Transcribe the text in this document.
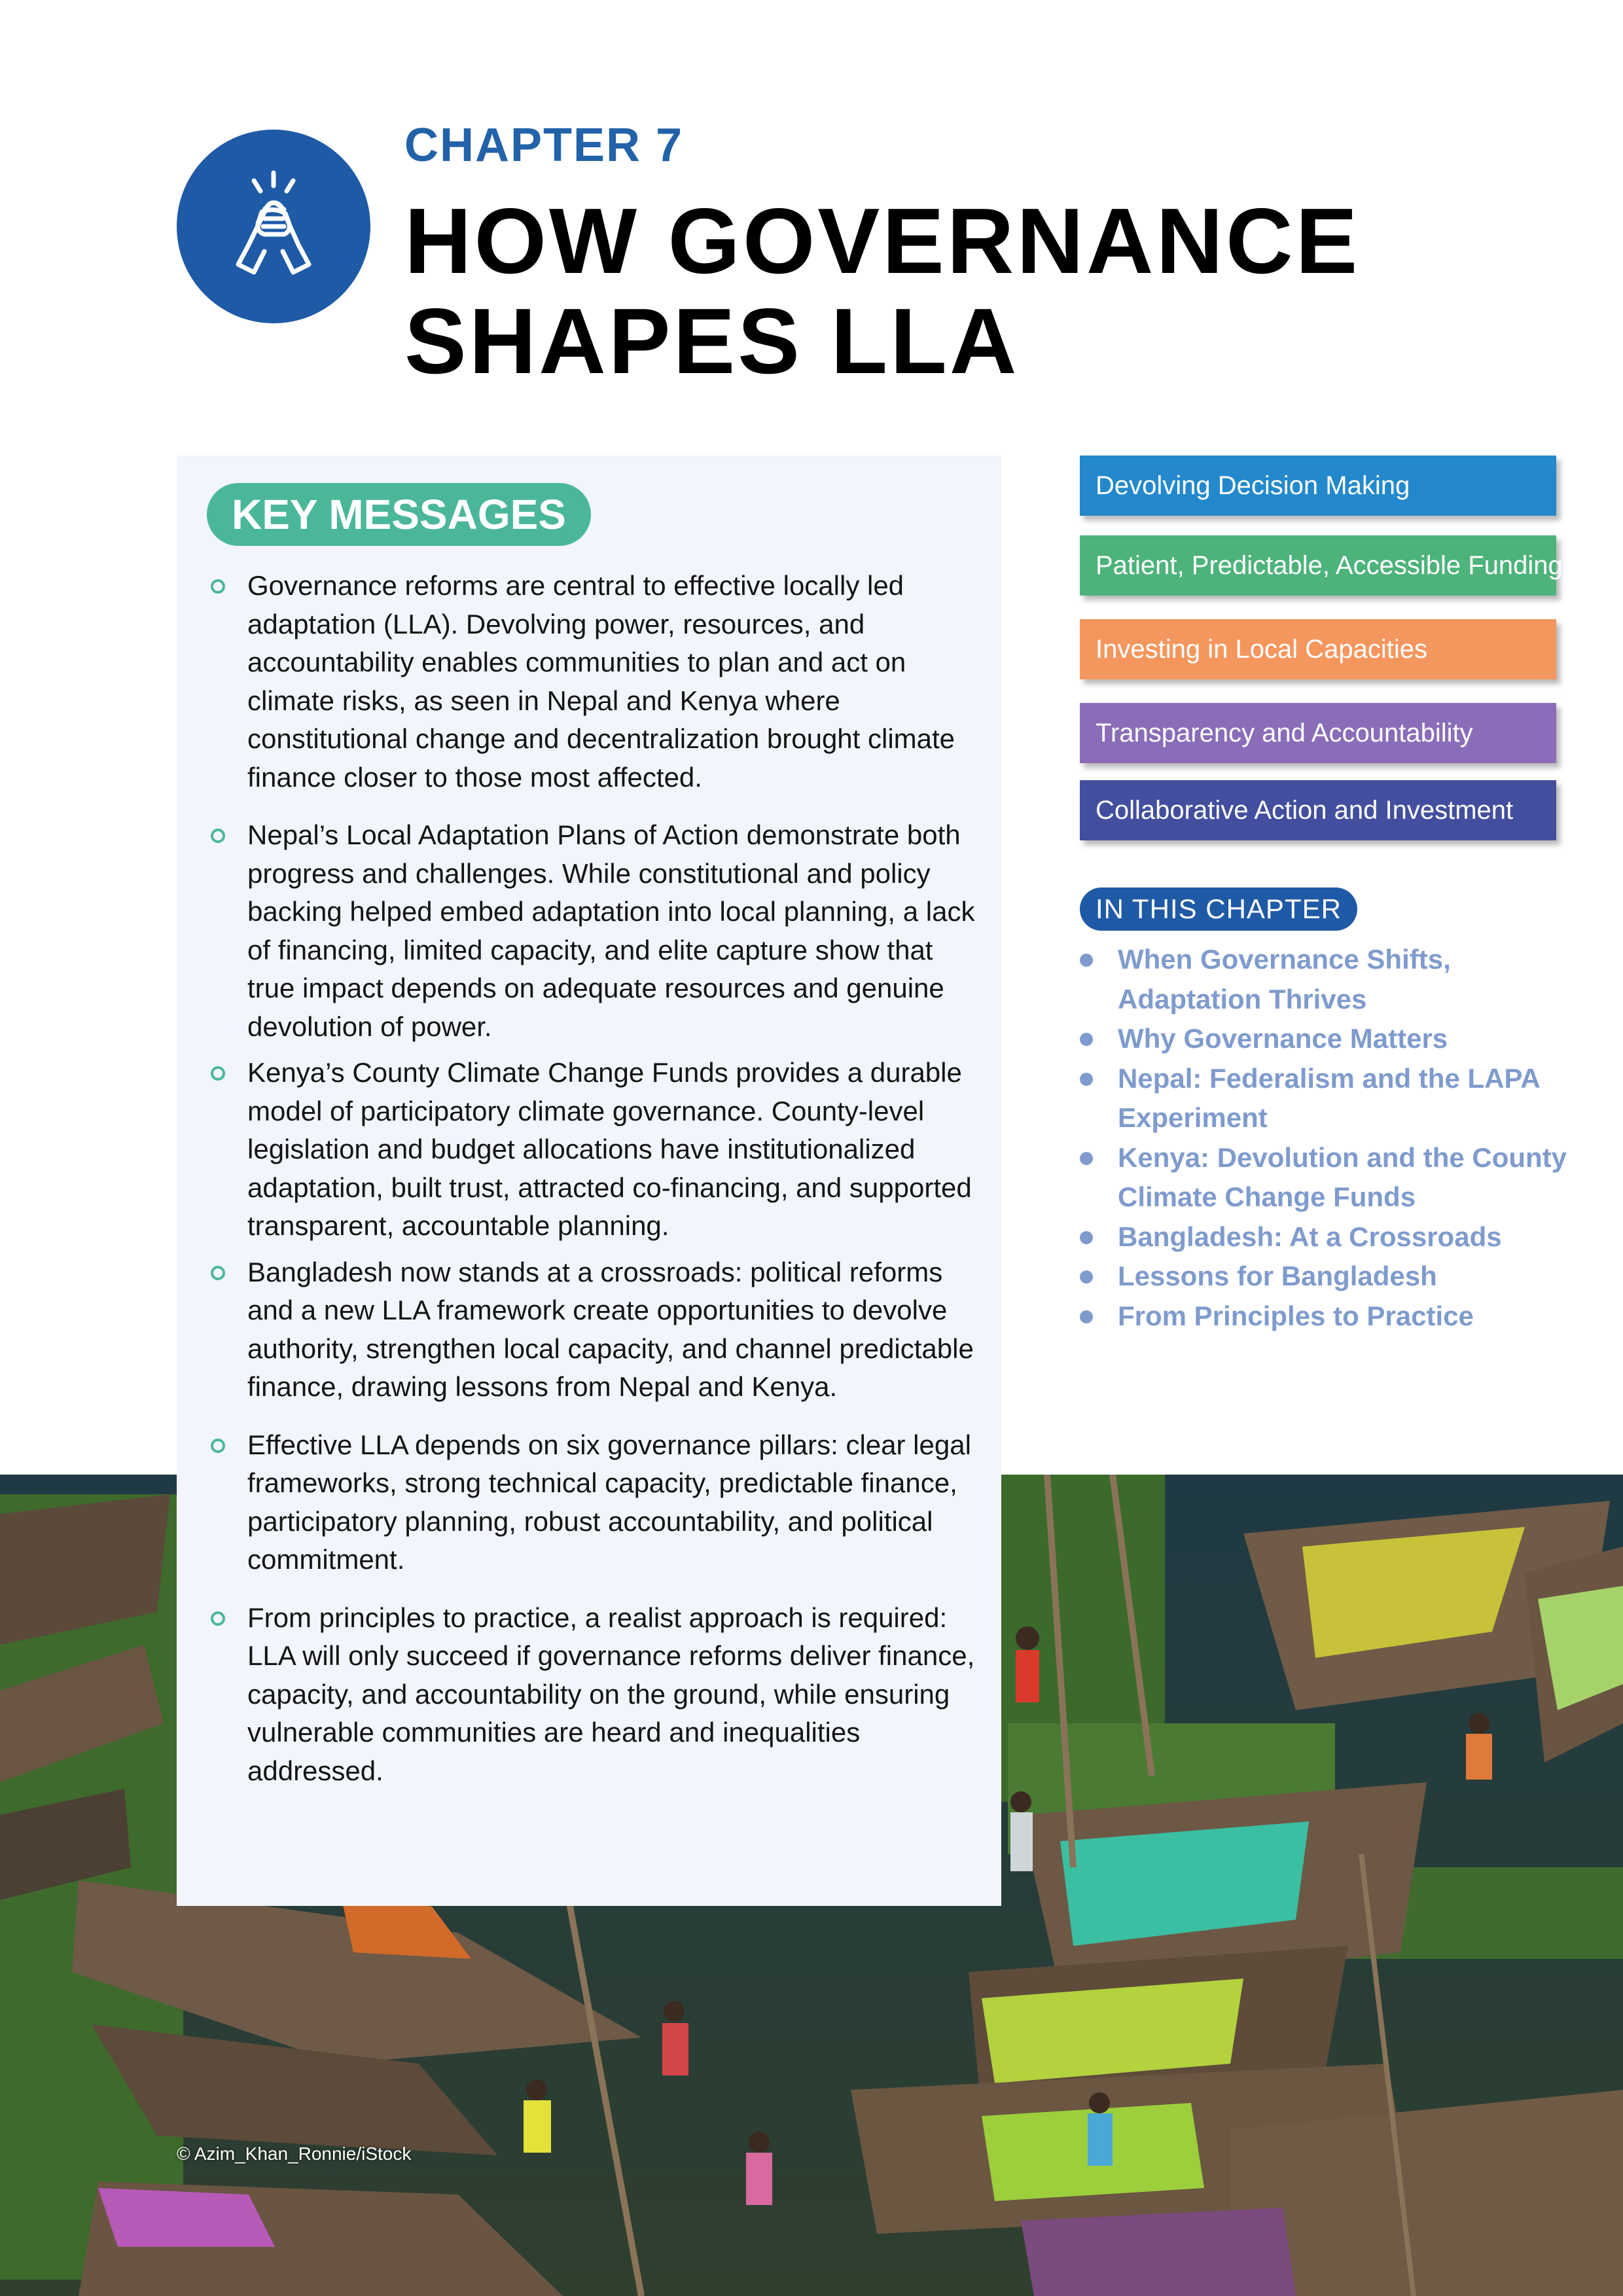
CHAPTER 7
HOW GOVERNANCE
SHAPES LLA
© Azim_Khan_Ronnie/iStock
KEY MESSAGES
Governance reforms are central to effective locally led adaptation (LLA). Devolving power, resources, and accountability enables communities to plan and act on climate risks, as seen in Nepal and Kenya where constitutional change and decentralization brought climate finance closer to those most affected.
Nepal’s Local Adaptation Plans of Action demonstrate both progress and challenges. While constitutional and policy backing helped embed adaptation into local planning, a lack of financing, limited capacity, and elite capture show that true impact depends on adequate resources and genuine devolution of power.
Kenya’s County Climate Change Funds provides a durable model of participatory climate governance. County-level legislation and budget allocations have institutionalized adaptation, built trust, attracted co-financing, and supported transparent, accountable planning.
Bangladesh now stands at a crossroads: political reforms and a new LLA framework create opportunities to devolve authority, strengthen local capacity, and channel predictable finance, drawing lessons from Nepal and Kenya.
Effective LLA depends on six governance pillars: clear legal frameworks, strong technical capacity, predictable finance, participatory planning, robust accountability, and political commitment.
From principles to practice, a realist approach is required: LLA will only succeed if governance reforms deliver finance, capacity, and accountability on the ground, while ensuring vulnerable communities are heard and inequalities addressed.
Devolving Decision Making
Patient, Predictable, Accessible Funding
Investing in Local Capacities
Transparency and Accountability
Collaborative Action and Investment
IN THIS CHAPTER
When Governance Shifts, Adaptation Thrives
Why Governance Matters
Nepal: Federalism and the LAPA Experiment
Kenya: Devolution and the County Climate Change Funds
Bangladesh: At a Crossroads
Lessons for Bangladesh
From Principles to Practice
